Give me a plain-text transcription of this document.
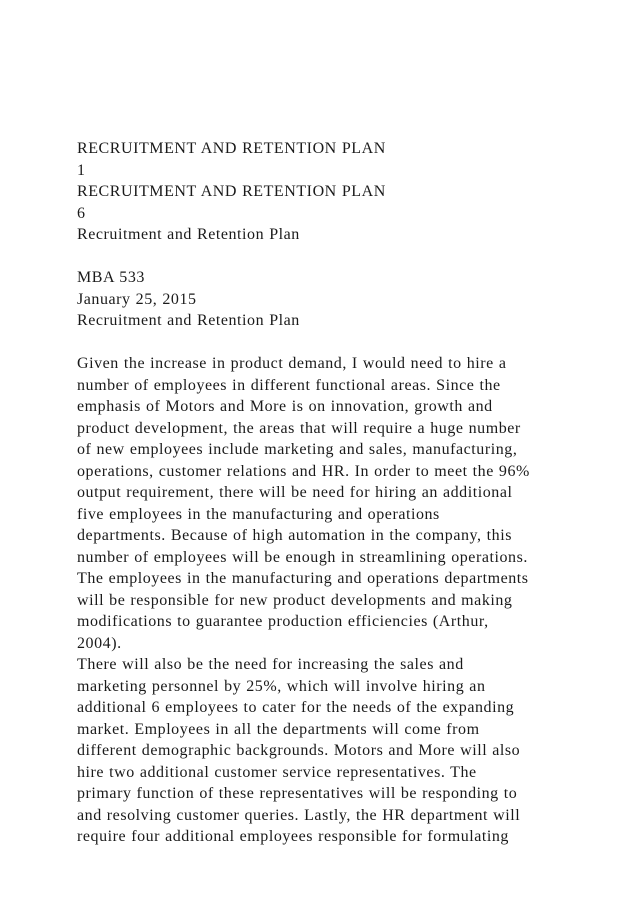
RECRUITMENT AND RETENTION PLAN
1
RECRUITMENT AND RETENTION PLAN
6
Recruitment and Retention Plan
MBA 533
January 25, 2015
Recruitment and Retention Plan
Given the increase in product demand, I would need to hire a
number of employees in different functional areas. Since the
emphasis of Motors and More is on innovation, growth and
product development, the areas that will require a huge number
of new employees include marketing and sales, manufacturing,
operations, customer relations and HR. In order to meet the 96%
output requirement, there will be need for hiring an additional
five employees in the manufacturing and operations
departments. Because of high automation in the company, this
number of employees will be enough in streamlining operations.
The employees in the manufacturing and operations departments
will be responsible for new product developments and making
modifications to guarantee production efficiencies (Arthur,
2004).
There will also be the need for increasing the sales and
marketing personnel by 25%, which will involve hiring an
additional 6 employees to cater for the needs of the expanding
market. Employees in all the departments will come from
different demographic backgrounds. Motors and More will also
hire two additional customer service representatives. The
primary function of these representatives will be responding to
and resolving customer queries. Lastly, the HR department will
require four additional employees responsible for formulating
